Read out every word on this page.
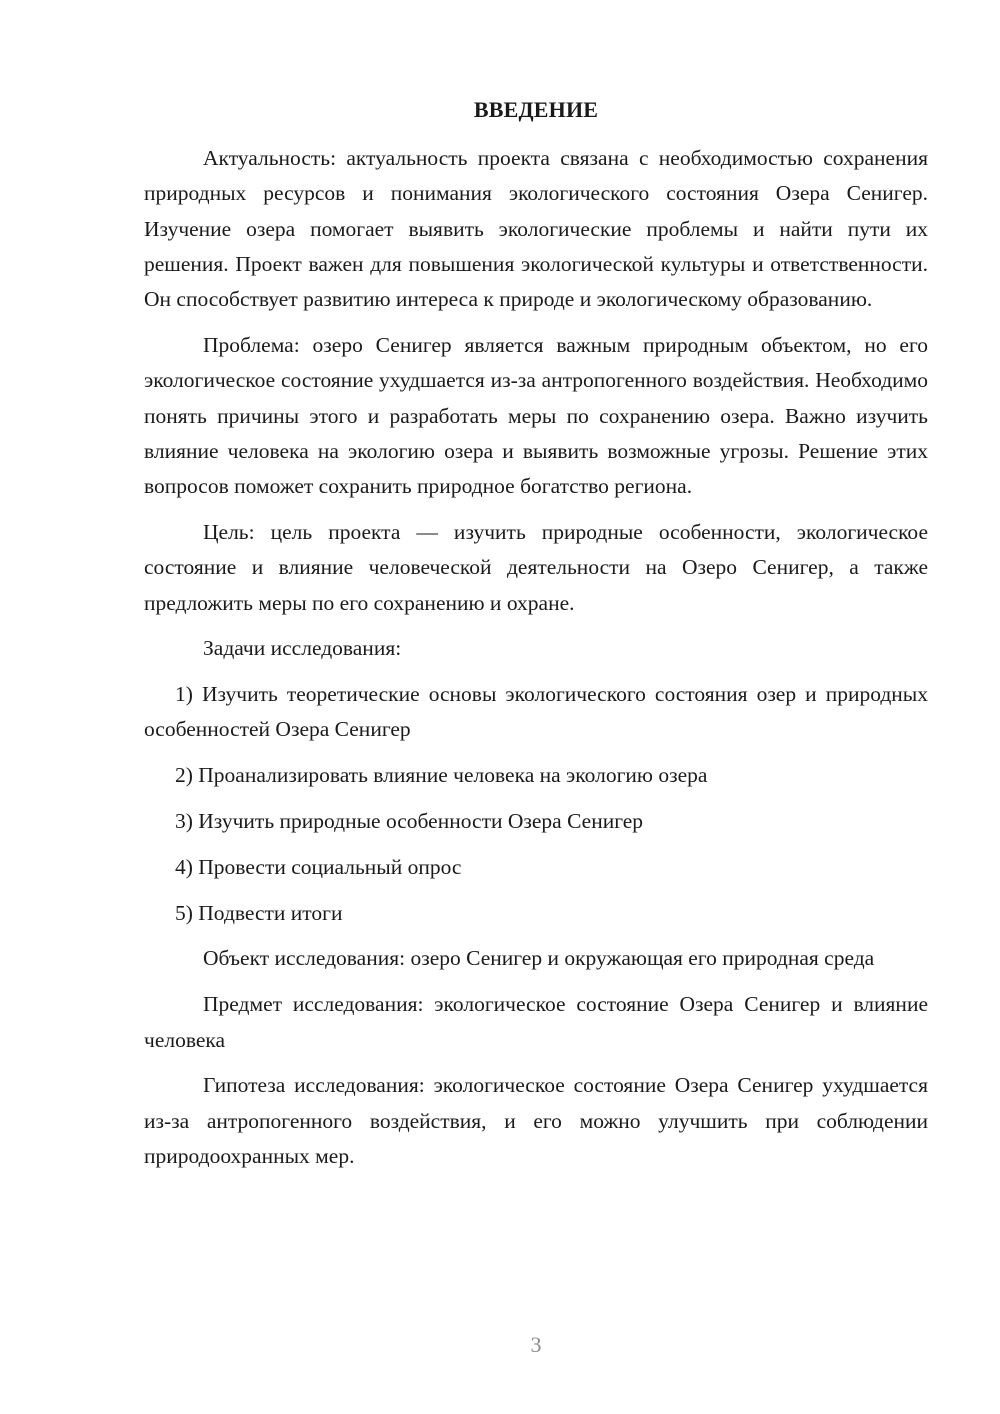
ВВЕДЕНИЕ

Актуальность: актуальность проекта связана с необходимостью сохранения природных ресурсов и понимания экологического состояния Озера Сенигер. Изучение озера помогает выявить экологические проблемы и найти пути их решения. Проект важен для повышения экологической культуры и ответственности. Он способствует развитию интереса к природе и экологическому образованию.

Проблема: озеро Сенигер является важным природным объектом, но его экологическое состояние ухудшается из-за антропогенного воздействия. Необходимо понять причины этого и разработать меры по сохранению озера. Важно изучить влияние человека на экологию озера и выявить возможные угрозы. Решение этих вопросов поможет сохранить природное богатство региона.

Цель: цель проекта — изучить природные особенности, экологическое состояние и влияние человеческой деятельности на Озеро Сенигер, а также предложить меры по его сохранению и охране.

Задачи исследования:

1) Изучить теоретические основы экологического состояния озер и природных особенностей Озера Сенигер

2) Проанализировать влияние человека на экологию озера

3) Изучить природные особенности Озера Сенигер

4) Провести социальный опрос

5) Подвести итоги

Объект исследования: озеро Сенигер и окружающая его природная среда

Предмет исследования: экологическое состояние Озера Сенигер и влияние человека

Гипотеза исследования: экологическое состояние Озера Сенигер ухудшается из-за антропогенного воздействия, и его можно улучшить при соблюдении природоохранных мер.

3
